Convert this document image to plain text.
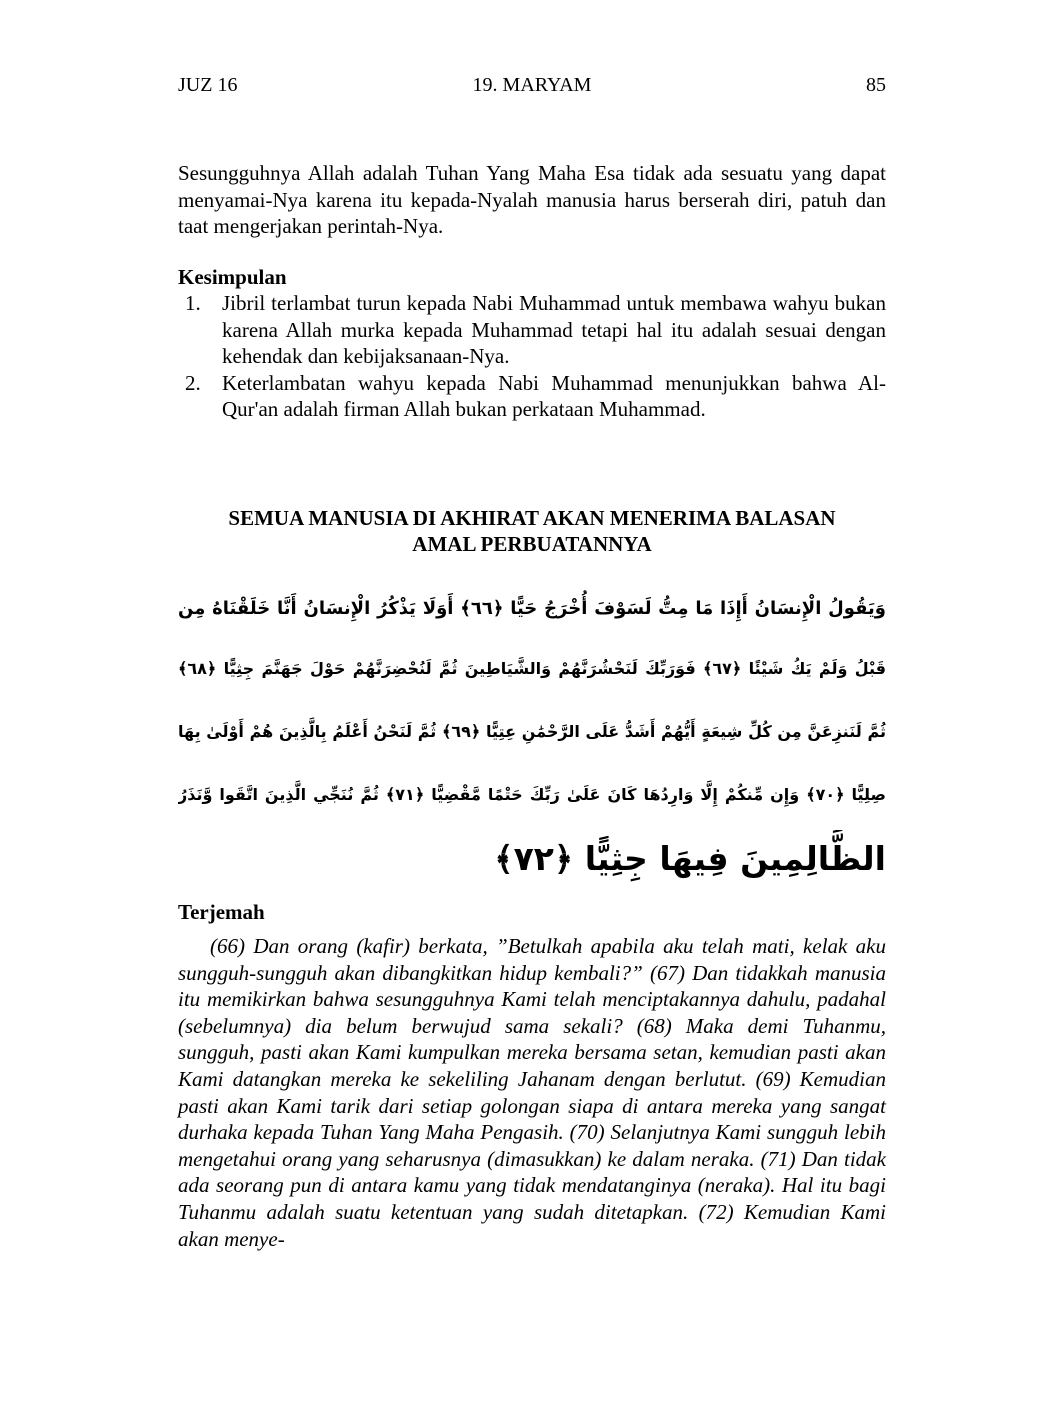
19. MARYAM
JUZ 16	85

Sesungguhnya Allah adalah Tuhan Yang Maha Esa tidak ada sesuatu yang dapat menyamai-Nya karena itu kepada-Nyalah manusia harus berserah diri, patuh dan taat mengerjakan perintah-Nya.

Kesimpulan

1. Jibril terlambat turun kepada Nabi Muhammad untuk membawa wahyu bukan karena Allah murka kepada Muhammad tetapi hal itu adalah sesuai dengan kehendak dan kebijaksanaan-Nya.
2. Keterlambatan wahyu kepada Nabi Muhammad menunjukkan bahwa Al-Qur'an adalah firman Allah bukan perkataan Muhammad.
SEMUA MANUSIA DI AKHIRAT AKAN MENERIMA BALASAN
AMAL PERBUATANNYA
وَيَقُولُ الْإِنسَانُ أَإِذَا مَا مِتُّ لَسَوْفَ أُخْرَجُ حَيًّا ﴿٦٦﴾ أَوَلَا يَذْكُرُ الْإِنسَانُ أَنَّا خَلَقْنَاهُ مِن
قَبْلُ وَلَمْ يَكُ شَيْئًا ﴿٦٧﴾ فَوَرَبِّكَ لَنَحْشُرَنَّهُمْ وَالشَّيَاطِينَ ثُمَّ لَنُحْضِرَنَّهُمْ حَوْلَ جَهَنَّمَ جِثِيًّا ﴿٦٨﴾
ثُمَّ لَنَنزِعَنَّ مِن كُلِّ شِيعَةٍ أَيُّهُمْ أَشَدُّ عَلَى الرَّحْمَٰنِ عِتِيًّا ﴿٦٩﴾ ثُمَّ لَنَحْنُ أَعْلَمُ بِالَّذِينَ هُمْ أَوْلَىٰ بِهَا
صِلِيًّا ﴿٧٠﴾ وَإِن مِّنكُمْ إِلَّا وَارِدُهَا كَانَ عَلَىٰ رَبِّكَ حَتْمًا مَّقْضِيًّا ﴿٧١﴾ ثُمَّ نُنَجِّي الَّذِينَ اتَّقَوا وَّنَذَرُ
الظَّالِمِينَ فِيهَا جِثِيًّا ﴿٧٢﴾

Terjemah

(66) Dan orang (kafir) berkata, ”Betulkah apabila aku telah mati, kelak aku sungguh-sungguh akan dibangkitkan hidup kembali?” (67) Dan tidakkah manusia itu memikirkan bahwa sesungguhnya Kami telah menciptakannya dahulu, padahal (sebelumnya) dia belum berwujud sama sekali? (68) Maka demi Tuhanmu, sungguh, pasti akan Kami kumpulkan mereka bersama setan, kemudian pasti akan Kami datangkan mereka ke sekeliling Jahanam dengan berlutut. (69) Kemudian pasti akan Kami tarik dari setiap golongan siapa di antara mereka yang sangat durhaka kepada Tuhan Yang Maha Pengasih. (70) Selanjutnya Kami sungguh lebih mengetahui orang yang seharusnya (dimasukkan) ke dalam neraka. (71) Dan tidak ada seorang pun di antara kamu yang tidak mendatanginya (neraka). Hal itu bagi Tuhanmu adalah suatu ketentuan yang sudah ditetapkan. (72) Kemudian Kami akan menye-
